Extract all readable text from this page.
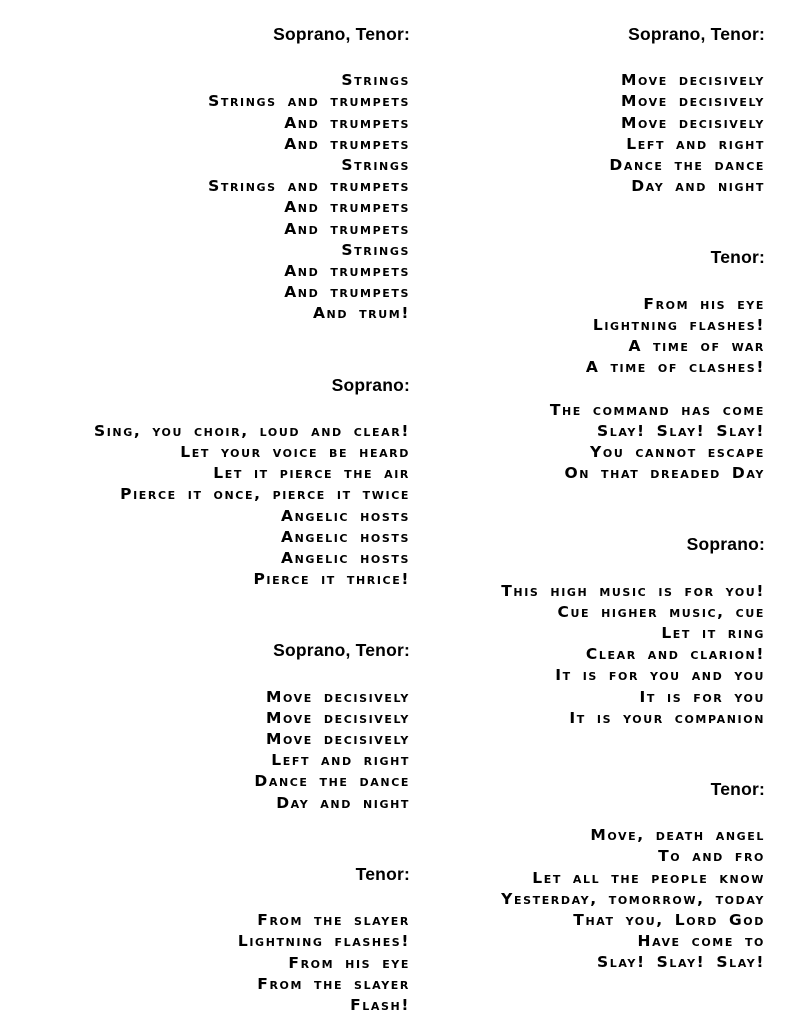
Soprano, Tenor:
Strings
Strings and trumpets
And trumpets
And trumpets
Strings
Strings and trumpets
And trumpets
And trumpets
Strings
And trumpets
And trumpets
And trum!
Soprano:
Sing, you choir, loud and clear!
Let your voice be heard
Let it pierce the air
Pierce it once, pierce it twice
Angelic hosts
Angelic hosts
Angelic hosts
Pierce it thrice!
Soprano, Tenor:
Move decisively
Move decisively
Move decisively
Left and right
Dance the dance
Day and night
Tenor:
From the slayer
Lightning flashes!
From his eye
From the slayer
Flash!
Soprano, Tenor:
Move decisively
Move decisively
Move decisively
Left and right
Dance the dance
Day and night
Tenor:
From his eye
Lightning flashes!
A time of war
A time of clashes!
The command has come
Slay! Slay! Slay!
You cannot escape
On that dreaded Day
Soprano:
This high music is for you!
Cue higher music, cue
Let it ring
Clear and clarion!
It is for you and you
It is for you
It is your companion
Tenor:
Move, death angel
To and fro
Let all the people know
Yesterday, tomorrow, today
That you, Lord God
Have come to
Slay! Slay! Slay!
